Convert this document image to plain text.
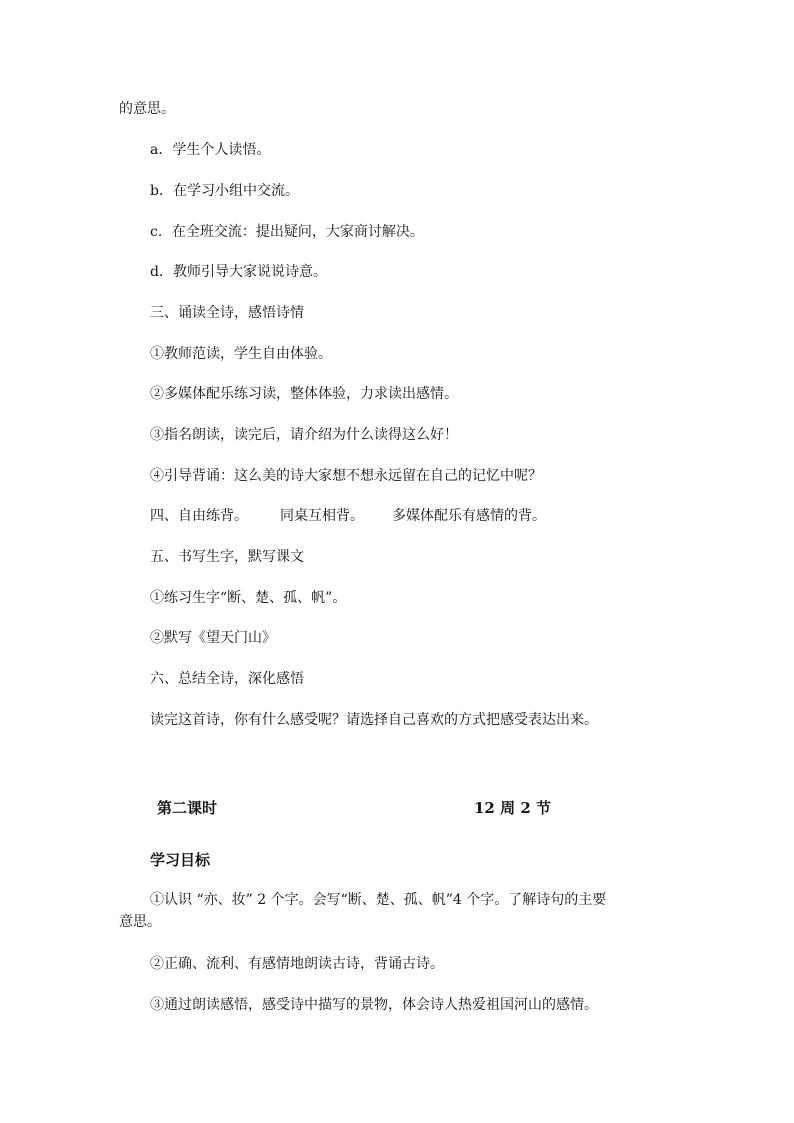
的意思。

a．学生个人读悟。

b．在学习小组中交流。

c．在全班交流：提出疑问，大家商讨解决。

d．教师引导大家说说诗意。

三、诵读全诗，感悟诗情

①教师范读，学生自由体验。

②多媒体配乐练习读，整体体验，力求读出感情。

③指名朗读，读完后，请介绍为什么读得这么好！

④引导背诵：这么美的诗大家想不想永远留在自己的记忆中呢？

四、自由练背。 同桌互相背。 多媒体配乐有感情的背。

五、书写生字，默写课文

①练习生字“断、楚、孤、帆”。

②默写《望天门山》

六、总结全诗，深化感悟

读完这首诗，你有什么感受呢？请选择自己喜欢的方式把感受表达出来。

第二课时	12 周 2 节

学习目标

①认识 “亦、妆” 2 个字。会写“断、楚、孤、帆”4 个字。了解诗句的主要

意思。

②正确、流利、有感情地朗读古诗，背诵古诗。

③通过朗读感悟，感受诗中描写的景物，体会诗人热爱祖国河山的感情。
